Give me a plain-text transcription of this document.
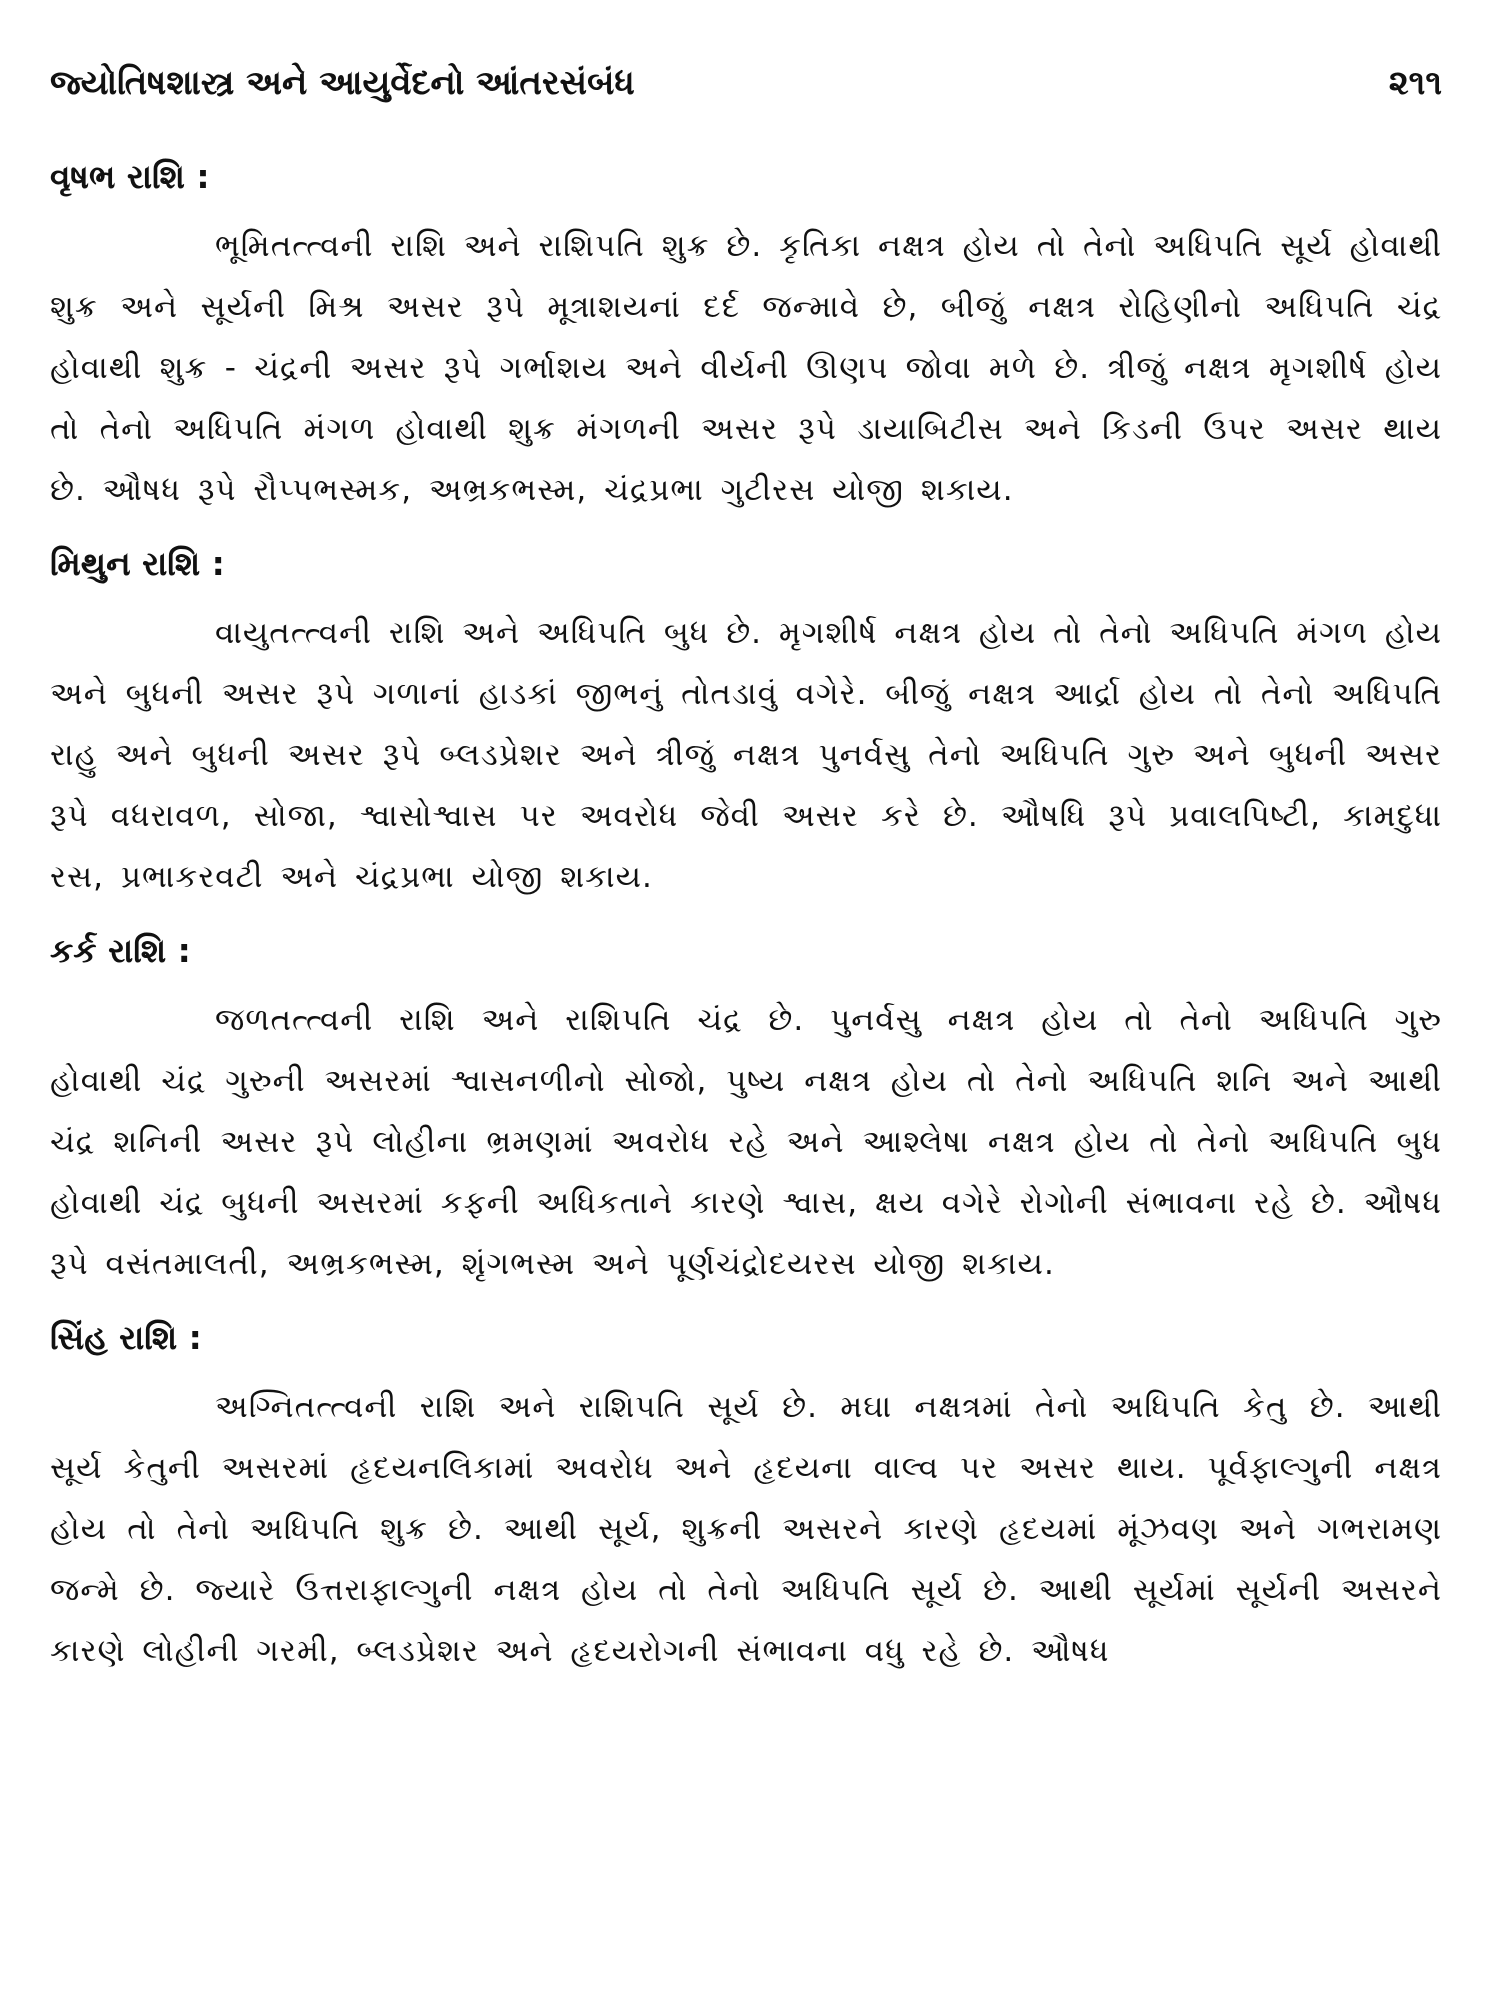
જ્યોતિષશાસ્ત્ર અને આયુર્વેદનો આંતરસંબંધ	૨૧૧
વૃષભ રાશિ :

ભૂમિતત્ત્વની રાશિ અને રાશિપતિ શુક્ર છે. કૃતિકા નક્ષત્ર હોય તો તેનો અધિપતિ સૂર્ય હોવાથી શુક્ર અને સૂર્યની મિશ્ર અસર રૂપે મૂત્રાશયનાં દર્દ જન્માવે છે, બીજું નક્ષત્ર રોહિણીનો અધિપતિ ચંદ્ર હોવાથી શુક્ર - ચંદ્રની અસર રૂપે ગર્ભાશય અને વીર્યની ઊણપ જોવા મળે છે. ત્રીજું નક્ષત્ર મૃગશીર્ષ હોય તો તેનો અધિપતિ મંગળ હોવાથી શુક્ર મંગળની અસર રૂપે ડાયાબિટીસ અને કિડની ઉપર અસર થાય છે. ઔષધ રૂપે રૌપ્પભસ્મક, અભ્રકભસ્મ, ચંદ્રપ્રભા ગુટીરસ યોજી શકાય.

મિથુન રાશિ :

વાયુતત્ત્વની રાશિ અને અધિપતિ બુધ છે. મૃગશીર્ષ નક્ષત્ર હોય તો તેનો અધિપતિ મંગળ હોય અને બુધની અસર રૂપે ગળાનાં હાડકાં જીભનું તોતડાવું વગેરે. બીજું નક્ષત્ર આર્દ્રા હોય તો તેનો અધિપતિ રાહુ અને બુધની અસર રૂપે બ્લડપ્રેશર અને ત્રીજું નક્ષત્ર પુનર્વસુ તેનો અધિપતિ ગુરુ અને બુધની અસર રૂપે વધરાવળ, સોજા, શ્વાસોશ્વાસ પર અવરોધ જેવી અસર કરે છે. ઔષધિ રૂપે પ્રવાલપિષ્ટી, કામદુધા રસ, પ્રભાકરવટી અને ચંદ્રપ્રભા યોજી શકાય.

કર્ક રાશિ :

જળતત્ત્વની રાશિ અને રાશિપતિ ચંદ્ર છે. પુનર્વસુ નક્ષત્ર હોય તો તેનો અધિપતિ ગુરુ હોવાથી ચંદ્ર ગુરુની અસરમાં શ્વાસનળીનો સોજો, પુષ્ય નક્ષત્ર હોય તો તેનો અધિપતિ શનિ અને આથી ચંદ્ર શનિની અસર રૂપે લોહીના ભ્રમણમાં અવરોધ રહે અને આશ્લેષા નક્ષત્ર હોય તો તેનો અધિપતિ બુધ હોવાથી ચંદ્ર બુધની અસરમાં કફની અધિકતાને કારણે શ્વાસ, ક્ષય વગેરે રોગોની સંભાવના રહે છે. ઔષધ રૂપે વસંતમાલતી, અભ્રકભસ્મ, શૃંગભસ્મ અને પૂર્ણચંદ્રોદયરસ યોજી શકાય.

સિંહ રાશિ :

અગ્નિતત્ત્વની રાશિ અને રાશિપતિ સૂર્ય છે. મઘા નક્ષત્રમાં તેનો અધિપતિ કેતુ છે. આથી સૂર્ય કેતુની અસરમાં હૃદયનલિકામાં અવરોધ અને હૃદયના વાલ્વ પર અસર થાય. પૂર્વફાલ્ગુની નક્ષત્ર હોય તો તેનો અધિપતિ શુક્ર છે. આથી સૂર્ય, શુક્રની અસરને કારણે હૃદયમાં મૂંઝવણ અને ગભરામણ જન્મે છે. જ્યારે ઉત્તરાફાલ્ગુની નક્ષત્ર હોય તો તેનો અધિપતિ સૂર્ય છે. આથી સૂર્યમાં સૂર્યની અસરને કારણે લોહીની ગરમી, બ્લડપ્રેશર અને હૃદયરોગની સંભાવના વધુ રહે છે. ઔષધ
